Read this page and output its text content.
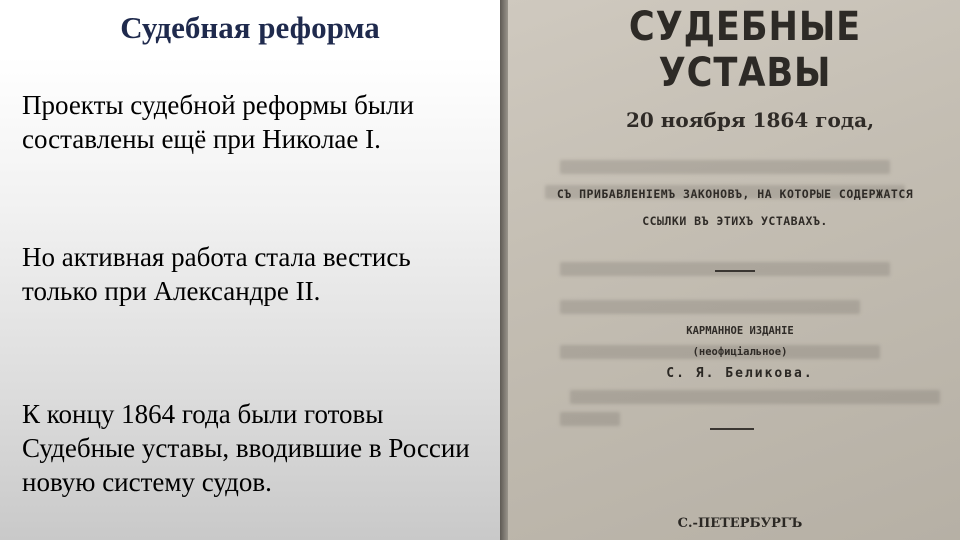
Судебная реформа
Проекты судебной реформы были составлены ещё при Николае I.
Но активная работа стала вестись только при Александре II.
К концу 1864 года были готовы Судебные уставы, вводившие в России новую систему судов.
СУДЕБНЫЕ УСТАВЫ
20 ноября 1864 года,
СЪ ПРИБАВЛЕНІЕМЪ ЗАКОНОВЪ, НА КОТОРЫЕ СОДЕРЖАТСЯ
ССЫЛКИ ВЪ ЭТИХЪ УСТАВАХЪ.
КАРМАННОЕ ИЗДАНІЕ
(неофиціальное)
С. Я. Беликова.
С.-ПЕТЕРБУРГЪ
